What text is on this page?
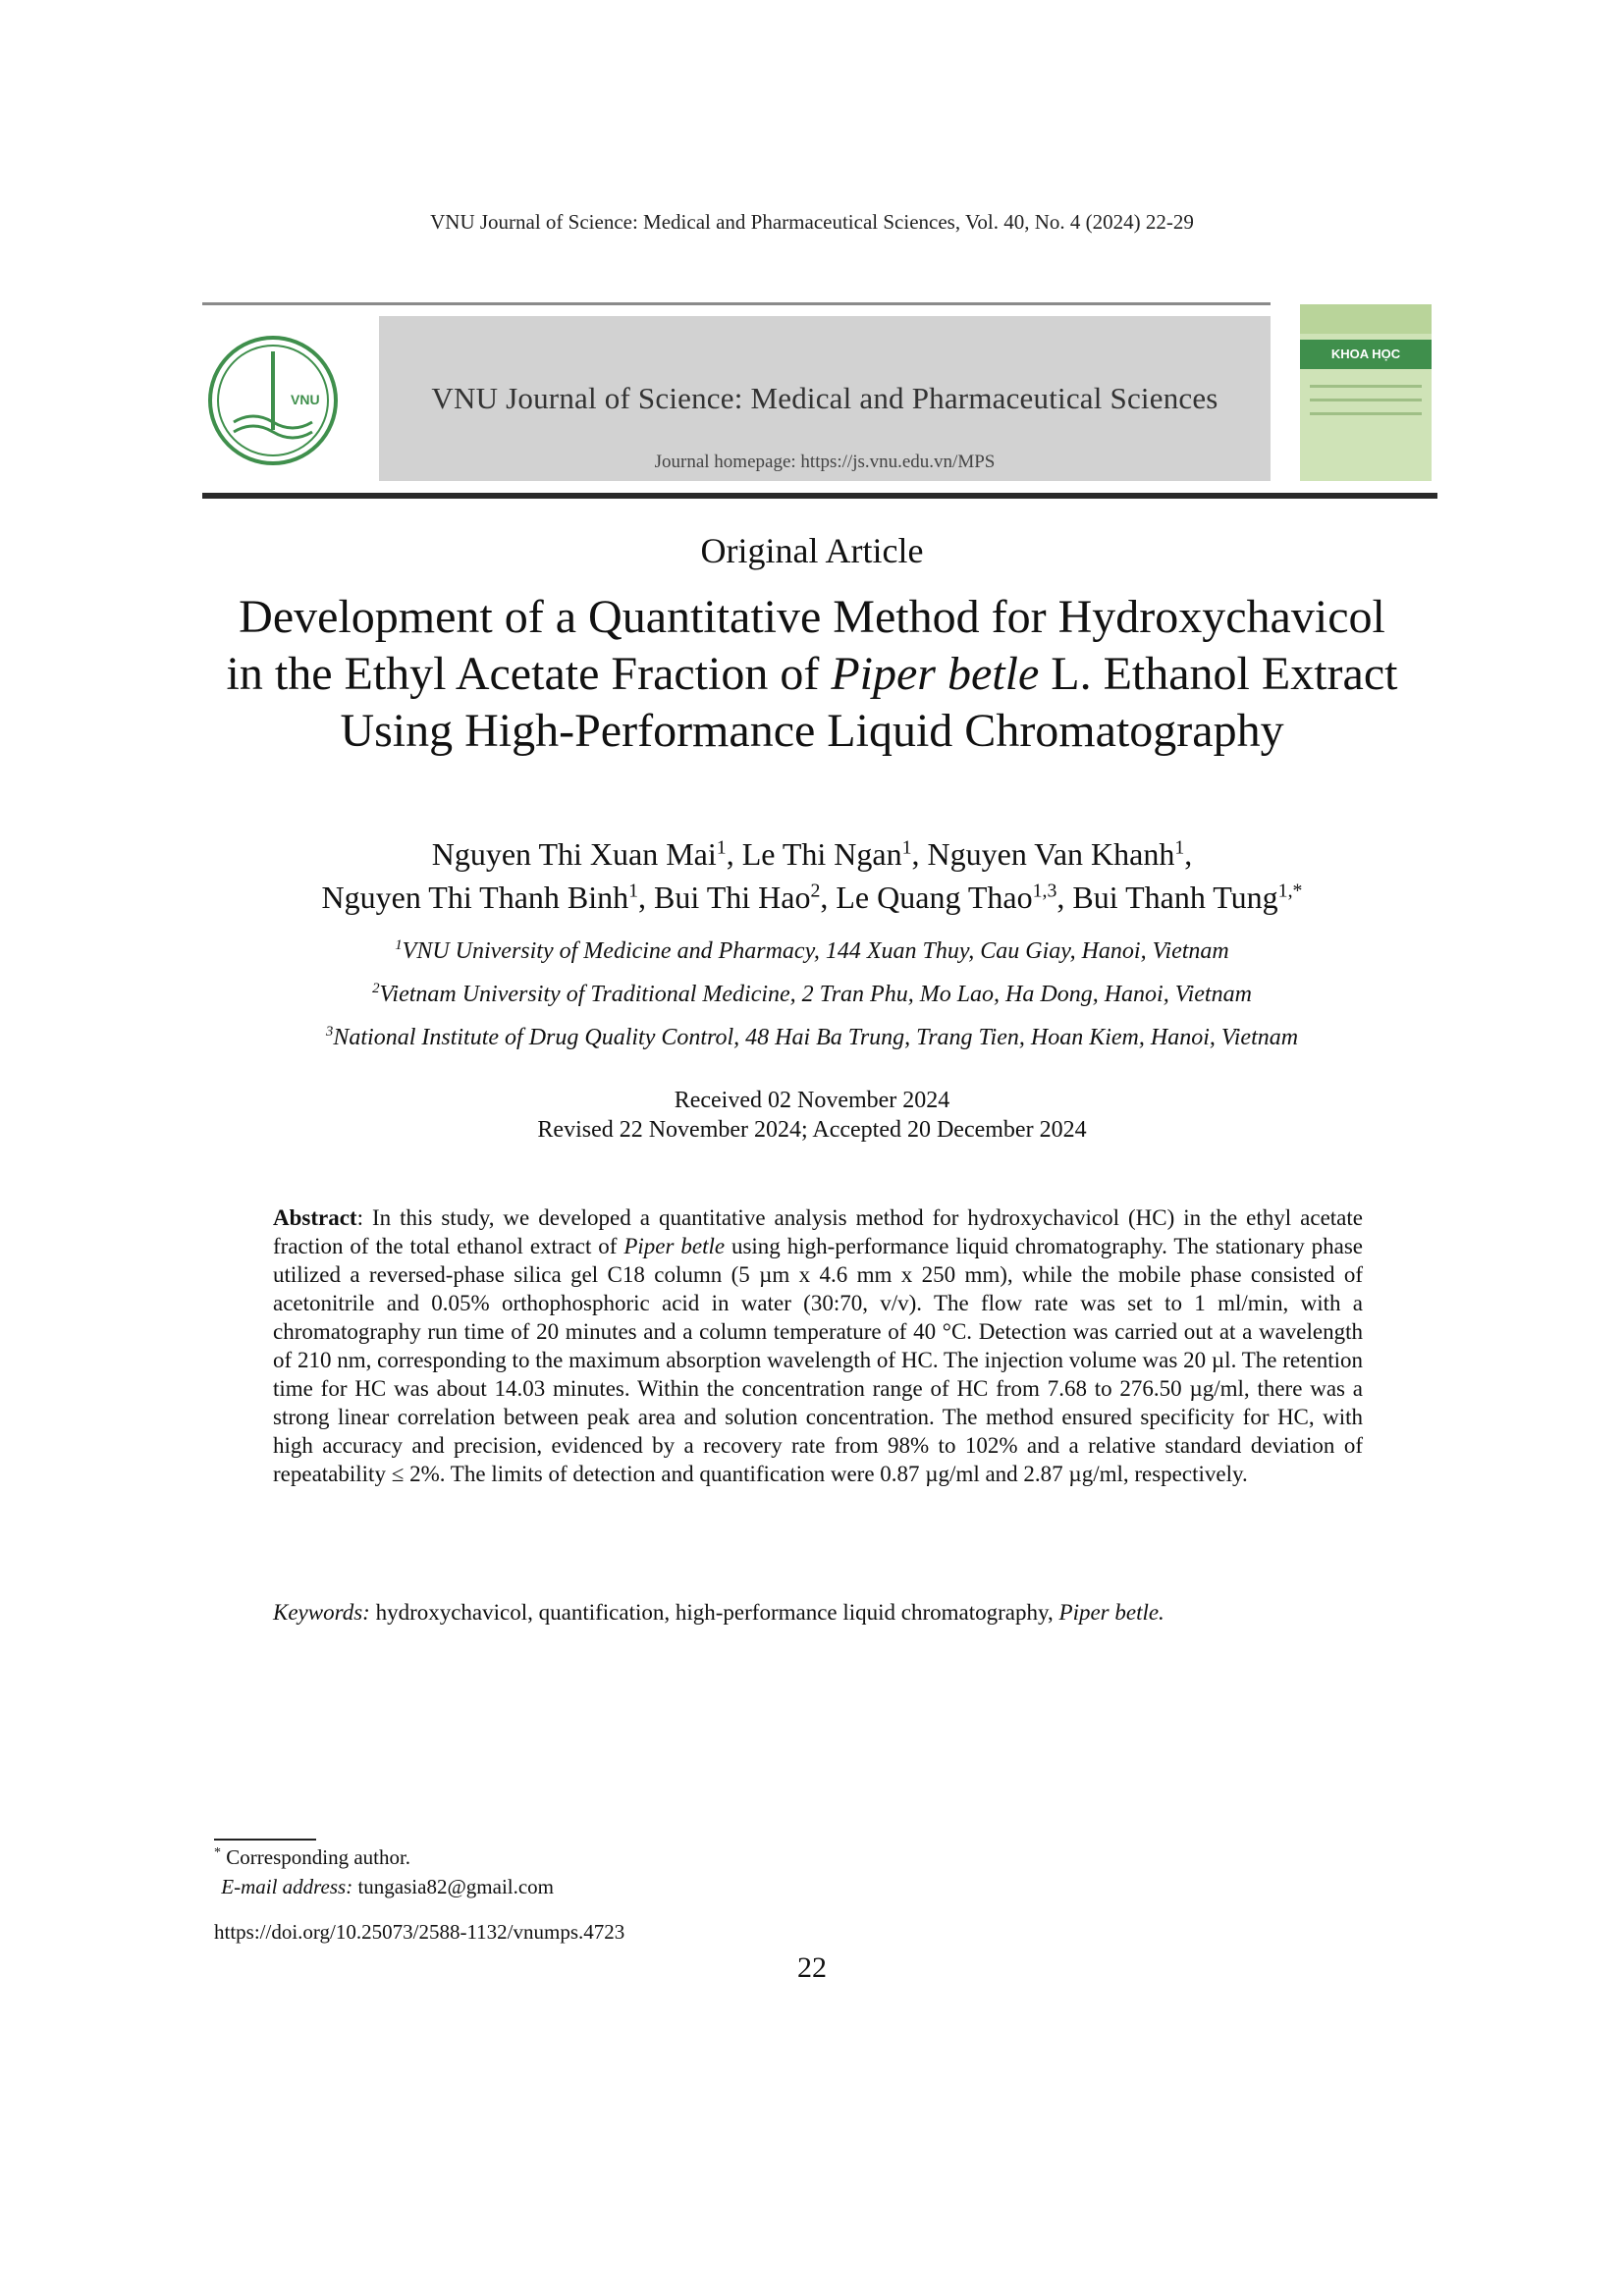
VNU Journal of Science: Medical and Pharmaceutical Sciences, Vol. 40, No. 4 (2024) 22-29
VNU	VNU Journal of Science: Medical and Pharmaceutical Sciences
Journal homepage: https://js.vnu.edu.vn/MPS
KHOA HỌC
Original Article
Development of a Quantitative Method for Hydroxychavicol
in the Ethyl Acetate Fraction of Piper betle L. Ethanol Extract
Using High-Performance Liquid Chromatography
Nguyen Thi Xuan Mai$^1$, Le Thi Ngan$^1$, Nguyen Van Khanh$^1$,
Nguyen Thi Thanh Binh$^1$, Bui Thi Hao$^2$, Le Quang Thao$^{1,3}$, Bui Thanh Tung$^{1,*}$
$^1$VNU University of Medicine and Pharmacy, 144 Xuan Thuy, Cau Giay, Hanoi, Vietnam
$^2$Vietnam University of Traditional Medicine, 2 Tran Phu, Mo Lao, Ha Dong, Hanoi, Vietnam
$^3$National Institute of Drug Quality Control, 48 Hai Ba Trung, Trang Tien, Hoan Kiem, Hanoi, Vietnam
Received 02 November 2024
Revised 22 November 2024; Accepted 20 December 2024
Abstract: In this study, we developed a quantitative analysis method for hydroxychavicol (HC) in the ethyl acetate fraction of the total ethanol extract of Piper betle using high-performance liquid chromatography. The stationary phase utilized a reversed-phase silica gel C18 column (5 µm x 4.6 mm x 250 mm), while the mobile phase consisted of acetonitrile and 0.05% orthophosphoric acid in water (30:70, v/v). The flow rate was set to 1 ml/min, with a chromatography run time of 20 minutes and a column temperature of 40 °C. Detection was carried out at a wavelength of 210 nm, corresponding to the maximum absorption wavelength of HC. The injection volume was 20 µl. The retention time for HC was about 14.03 minutes. Within the concentration range of HC from 7.68 to 276.50 µg/ml, there was a strong linear correlation between peak area and solution concentration. The method ensured specificity for HC, with high accuracy and precision, evidenced by a recovery rate from 98% to 102% and a relative standard deviation of repeatability ≤ 2%. The limits of detection and quantification were 0.87 µg/ml and 2.87 µg/ml, respectively.
Keywords: hydroxychavicol, quantification, high-performance liquid chromatography, Piper betle.
* Corresponding author.
E-mail address: tungasia82@gmail.com
https://doi.org/10.25073/2588-1132/vnumps.4723
22
